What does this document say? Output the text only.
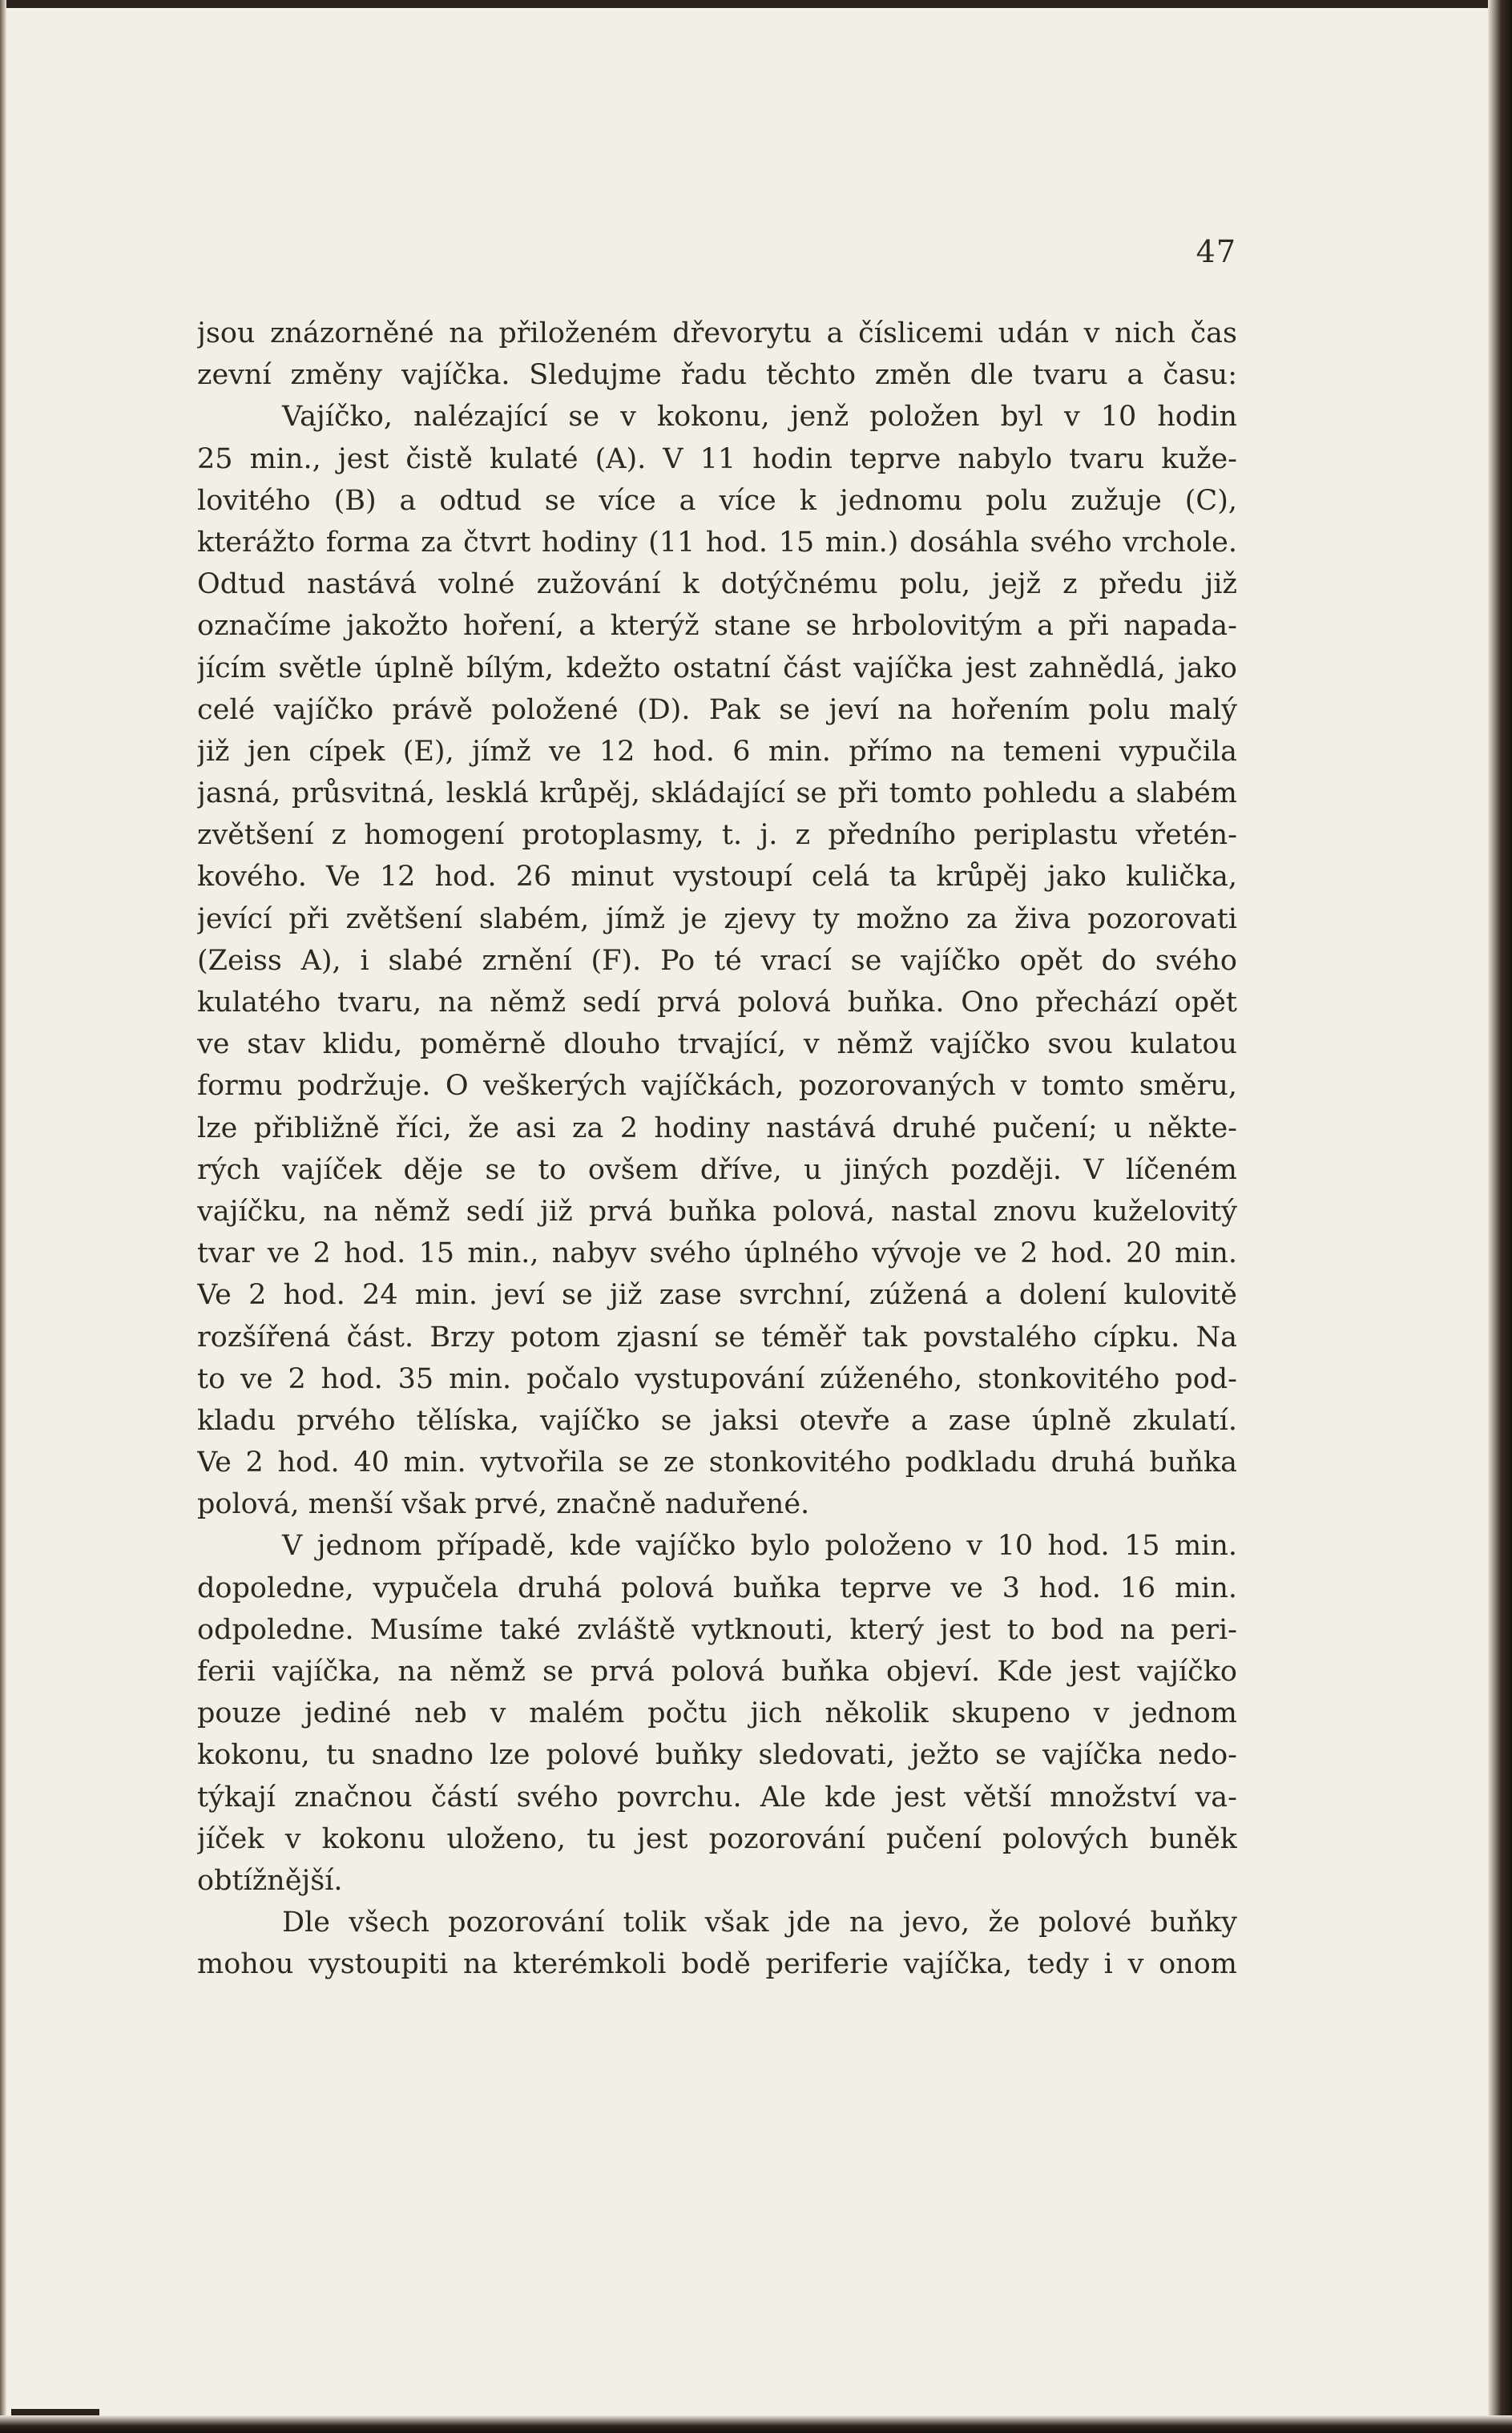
47
jsou znázorněné na přiloženém dřevorytu a číslicemi udán v nich čas
zevní změny vajíčka. Sledujme řadu těchto změn dle tvaru a času:
Vajíčko, nalézající se v kokonu, jenž položen byl v 10 hodin
25 min., jest čistě kulaté (A). V 11 hodin teprve nabylo tvaru kuže-
lovitého (B) a odtud se více a více k jednomu polu zužuje (C),
kterážto forma za čtvrt hodiny (11 hod. 15 min.) dosáhla svého vrchole.
Odtud nastává volné zužování k dotýčnému polu, jejž z předu již
označíme jakožto hoření, a kterýž stane se hrbolovitým a při napada-
jícím světle úplně bílým, kdežto ostatní část vajíčka jest zahnědlá, jako
celé vajíčko právě položené (D). Pak se jeví na hořením polu malý
již jen cípek (E), jímž ve 12 hod. 6 min. přímo na temeni vypučila
jasná, průsvitná, lesklá krůpěj, skládající se při tomto pohledu a slabém
zvětšení z homogení protoplasmy, t. j. z předního periplastu vřetén-
kového. Ve 12 hod. 26 minut vystoupí celá ta krůpěj jako kulička,
jevící při zvětšení slabém, jímž je zjevy ty možno za živa pozorovati
(Zeiss A), i slabé zrnění (F). Po té vrací se vajíčko opět do svého
kulatého tvaru, na němž sedí prvá polová buňka. Ono přechází opět
ve stav klidu, poměrně dlouho trvající, v němž vajíčko svou kulatou
formu podržuje. O veškerých vajíčkách, pozorovaných v tomto směru,
lze přibližně říci, že asi za 2 hodiny nastává druhé pučení; u někte-
rých vajíček děje se to ovšem dříve, u jiných později. V líčeném
vajíčku, na němž sedí již prvá buňka polová, nastal znovu kuželovitý
tvar ve 2 hod. 15 min., nabyv svého úplného vývoje ve 2 hod. 20 min.
Ve 2 hod. 24 min. jeví se již zase svrchní, zúžená a dolení kulovitě
rozšířená část. Brzy potom zjasní se téměř tak povstalého cípku. Na
to ve 2 hod. 35 min. počalo vystupování zúženého, stonkovitého pod-
kladu prvého tělíska, vajíčko se jaksi otevře a zase úplně zkulatí.
Ve 2 hod. 40 min. vytvořila se ze stonkovitého podkladu druhá buňka
polová, menší však prvé, značně naduřené.
V jednom případě, kde vajíčko bylo položeno v 10 hod. 15 min.
dopoledne, vypučela druhá polová buňka teprve ve 3 hod. 16 min.
odpoledne. Musíme také zvláště vytknouti, který jest to bod na peri-
ferii vajíčka, na němž se prvá polová buňka objeví. Kde jest vajíčko
pouze jediné neb v malém počtu jich několik skupeno v jednom
kokonu, tu snadno lze polové buňky sledovati, ježto se vajíčka nedo-
týkají značnou částí svého povrchu. Ale kde jest větší množství va-
jíček v kokonu uloženo, tu jest pozorování pučení polových buněk
obtížnější.
Dle všech pozorování tolik však jde na jevo, že polové buňky
mohou vystoupiti na kterémkoli bodě periferie vajíčka, tedy i v onom
